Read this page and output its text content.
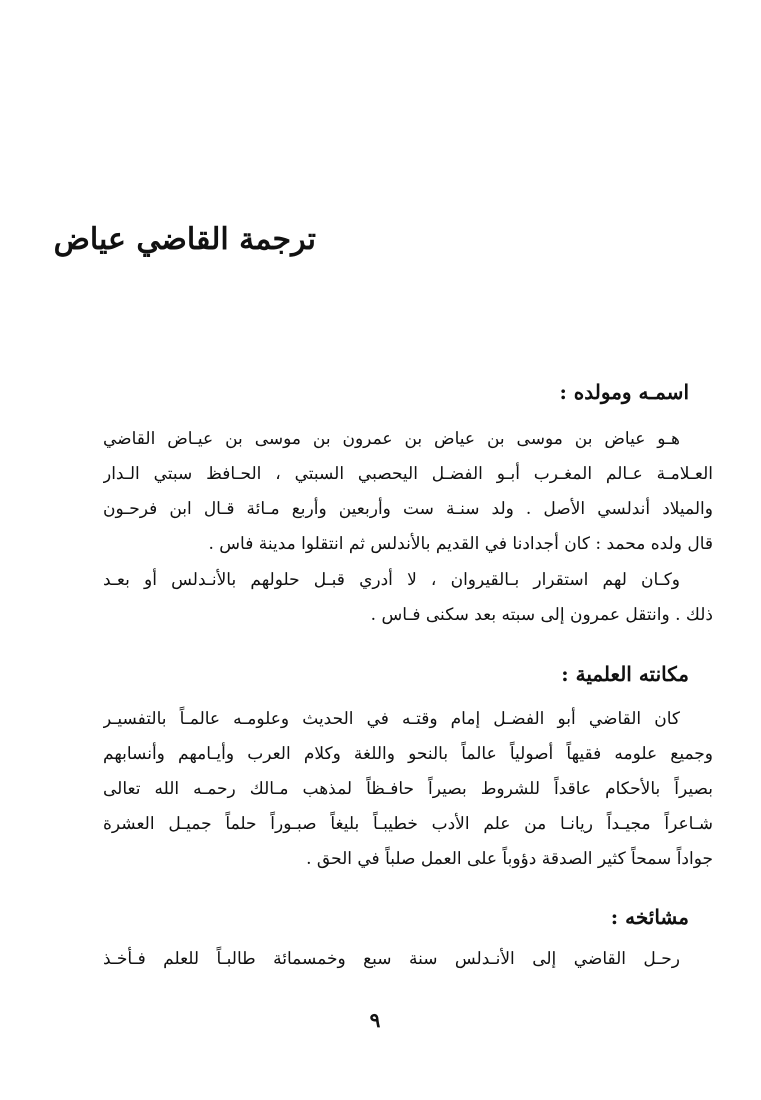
ترجمة القاضي عياض
اسمـه ومولده :
هـو عياض بن موسى بن عياض بن عمرون بن موسى بن عيـاض القاضي
العـلامـة عـالم المغـرب أبـو الفضـل اليحصبي السبتي ، الحـافظ سبتي الـدار
والميلاد أندلسي الأصل . ولد سنـة ست وأربعين وأربع مـائة قـال ابن فرحـون
قال ولده محمد : كان أجدادنا في القديم بالأندلس ثم انتقلوا مدينة فاس .
وكـان لهم استقرار بـالقيروان ، لا أدري قبـل حلولهم بالأنـدلس أو بعـد
ذلك . وانتقل عمرون إلى سبته بعد سكنى فـاس .
مكانته العلمية :
كان القاضي أبو الفضـل إمام وقتـه في الحديث وعلومـه عالمـاً بالتفسيـر
وجميع علومه فقيهاً أصولياً عالماً بالنحو واللغة وكلام العرب وأيـامهم وأنسابهم
بصيراً بالأحكام عاقداً للشروط بصيراً حافـظاً لمذهب مـالك رحمـه الله تعالى
شـاعراً مجيـداً ريانـا من علم الأدب خطيبـاً بليغاً صبـوراً حلماً جميـل العشرة
جواداً سمحاً كثير الصدقة دؤوباً على العمل صلباً في الحق .
مشائخه :
رحـل القاضي إلى الأنـدلس سنة سبع وخمسمائة طالبـاً للعلم فـأخـذ
٩
